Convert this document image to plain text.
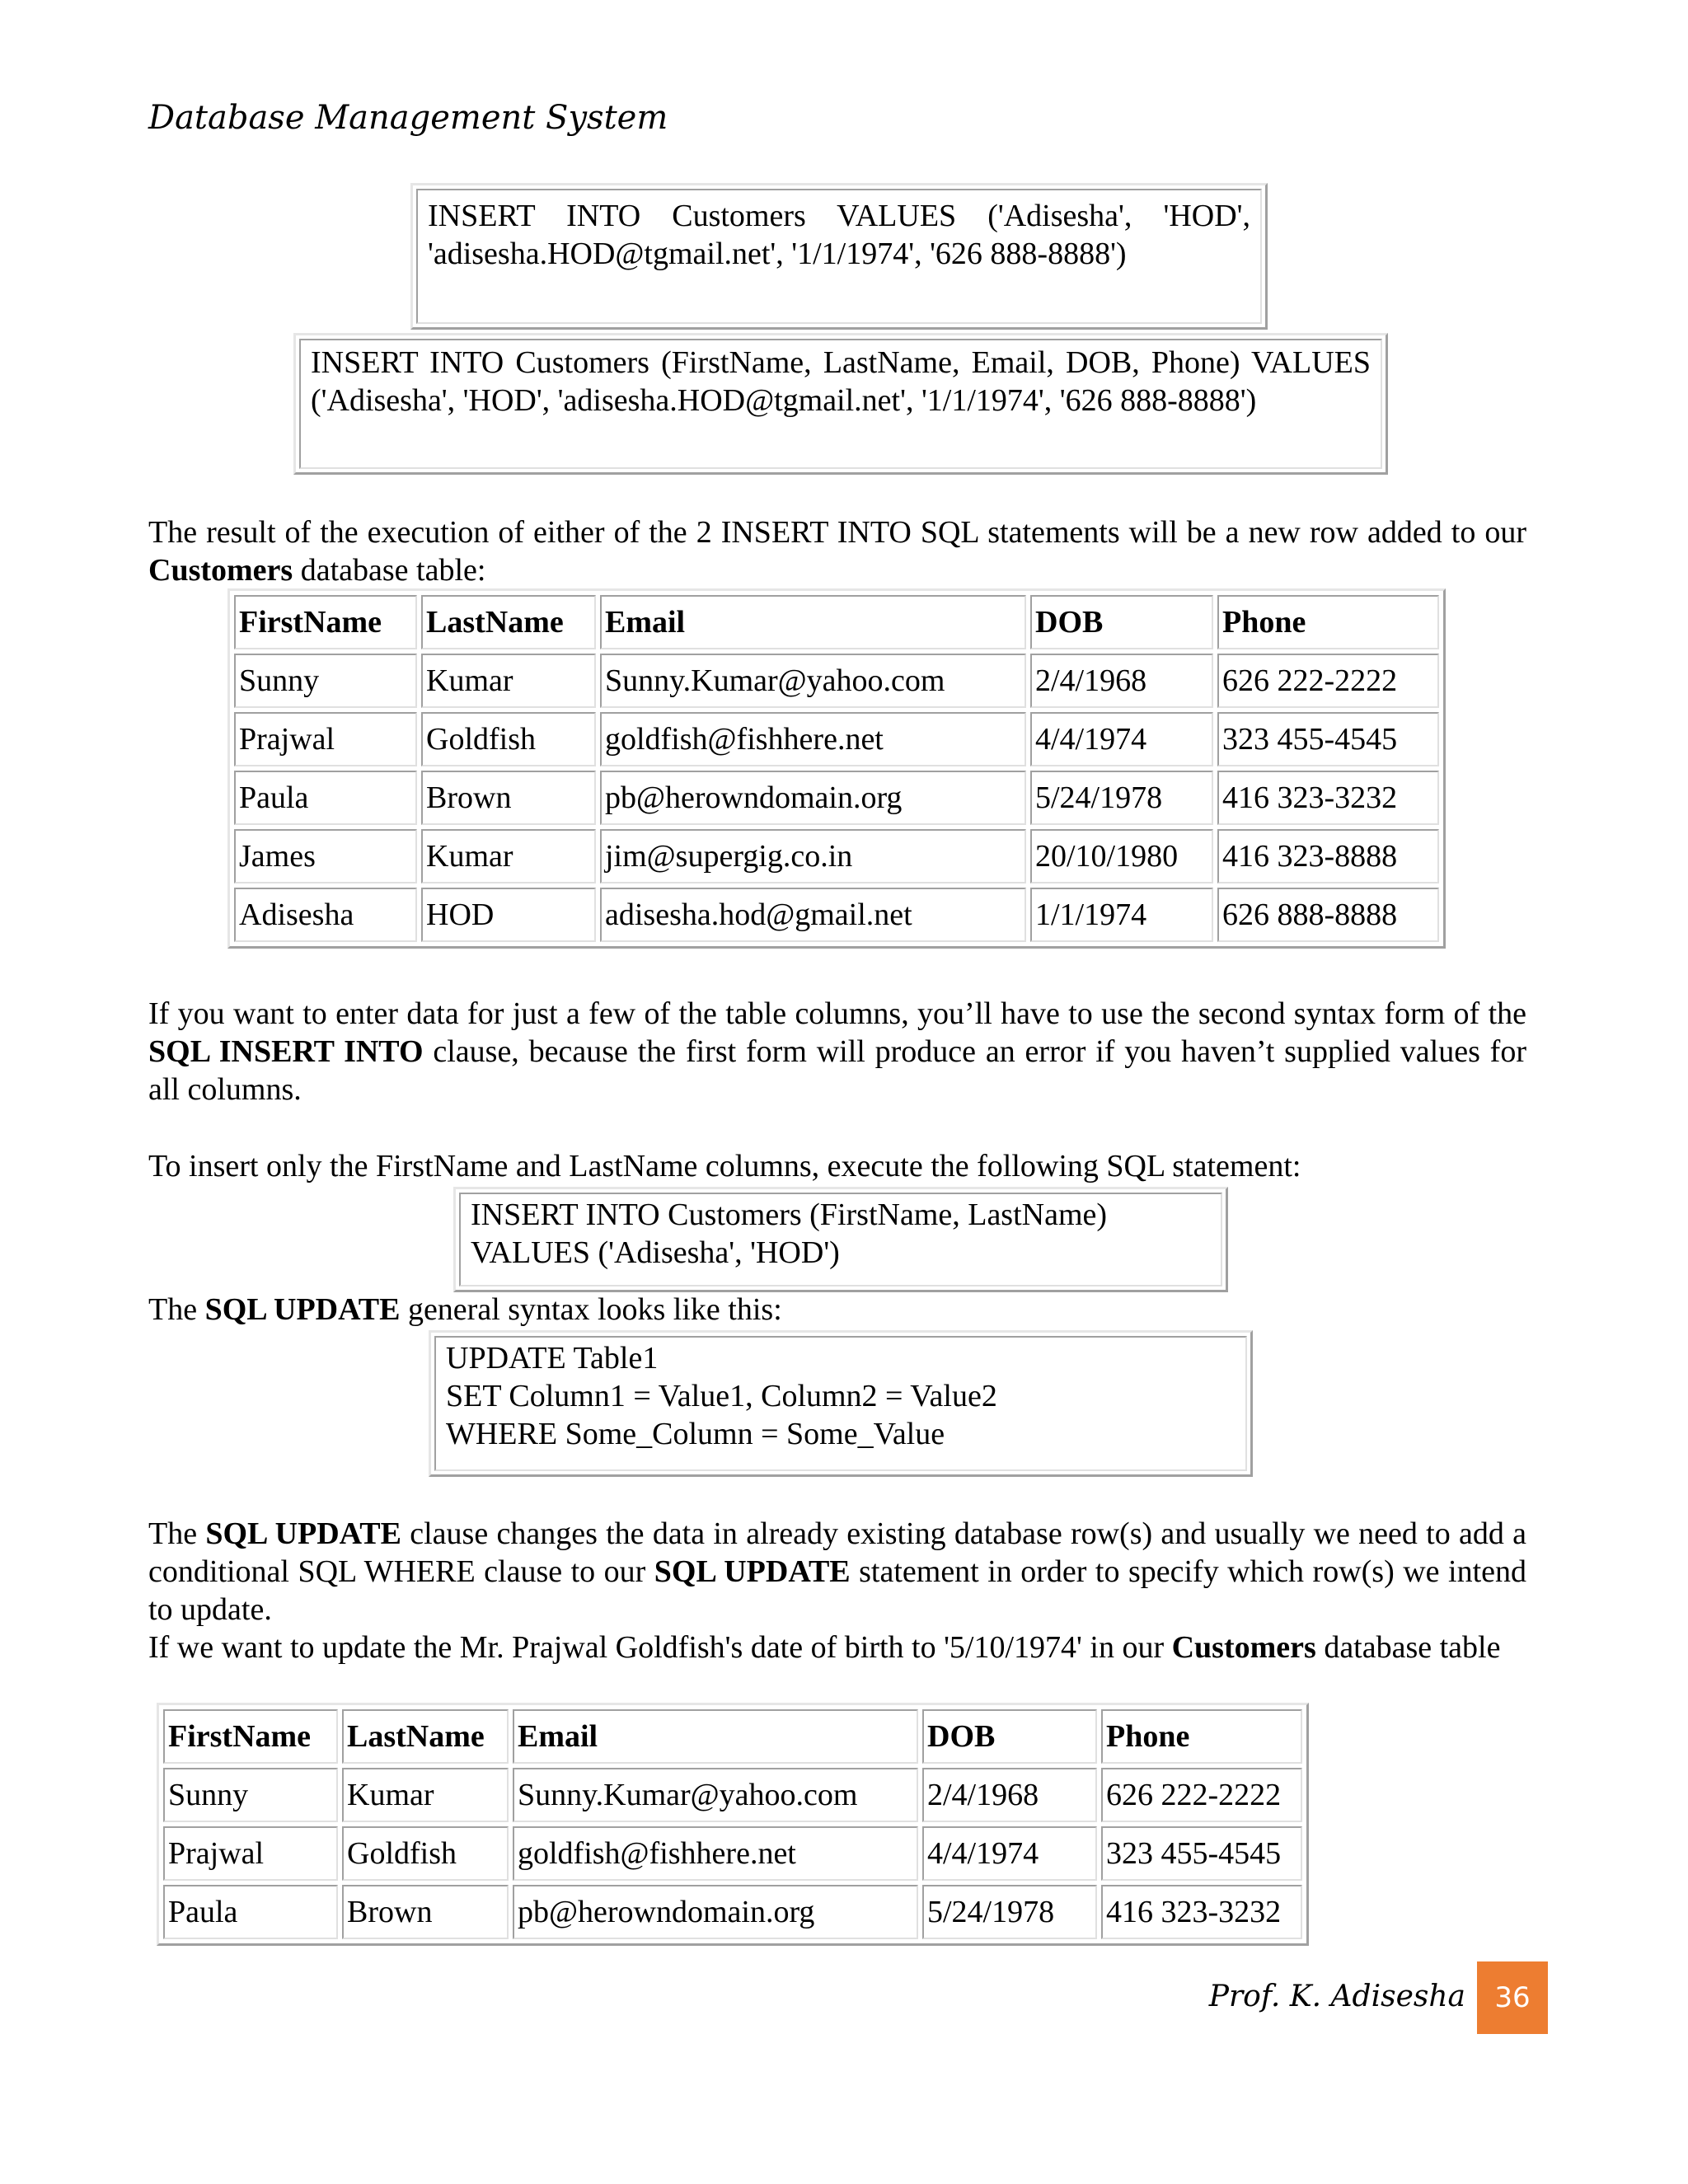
Database Management System
INSERT INTO Customers VALUES ('Adisesha', 'HOD', 'adisesha.HOD@tgmail.net', '1/1/1974', '626 888-8888')
INSERT INTO Customers (FirstName, LastName, Email, DOB, Phone) VALUES ('Adisesha', 'HOD', 'adisesha.HOD@tgmail.net', '1/1/1974', '626 888-8888')
The result of the execution of either of the 2 INSERT INTO SQL statements will be a new row added to our Customers database table:
FirstName	LastName	Email	DOB	Phone
Sunny	Kumar	Sunny.Kumar@yahoo.com	2/4/1968	626 222-2222
Prajwal	Goldfish	goldfish@fishhere.net	4/4/1974	323 455-4545
Paula	Brown	pb@herowndomain.org	5/24/1978	416 323-3232
James	Kumar	jim@supergig.co.in	20/10/1980	416 323-8888
Adisesha	HOD	adisesha.hod@gmail.net	1/1/1974	626 888-8888
If you want to enter data for just a few of the table columns, you’ll have to use the second syntax form of the SQL INSERT INTO clause, because the first form will produce an error if you haven’t supplied values for all columns.
To insert only the FirstName and LastName columns, execute the following SQL statement:
INSERT INTO Customers (FirstName, LastName)
VALUES ('Adisesha', 'HOD')
The SQL UPDATE general syntax looks like this:
UPDATE Table1
SET Column1 = Value1, Column2 = Value2
WHERE Some_Column = Some_Value
The SQL UPDATE clause changes the data in already existing database row(s) and usually we need to add a conditional SQL WHERE clause to our SQL UPDATE statement in order to specify which row(s) we intend to update.
If we want to update the Mr. Prajwal Goldfish's date of birth to '5/10/1974' in our Customers database table
FirstName	LastName	Email	DOB	Phone
Sunny	Kumar	Sunny.Kumar@yahoo.com	2/4/1968	626 222-2222
Prajwal	Goldfish	goldfish@fishhere.net	4/4/1974	323 455-4545
Paula	Brown	pb@herowndomain.org	5/24/1978	416 323-3232
Prof. K. Adisesha	36
